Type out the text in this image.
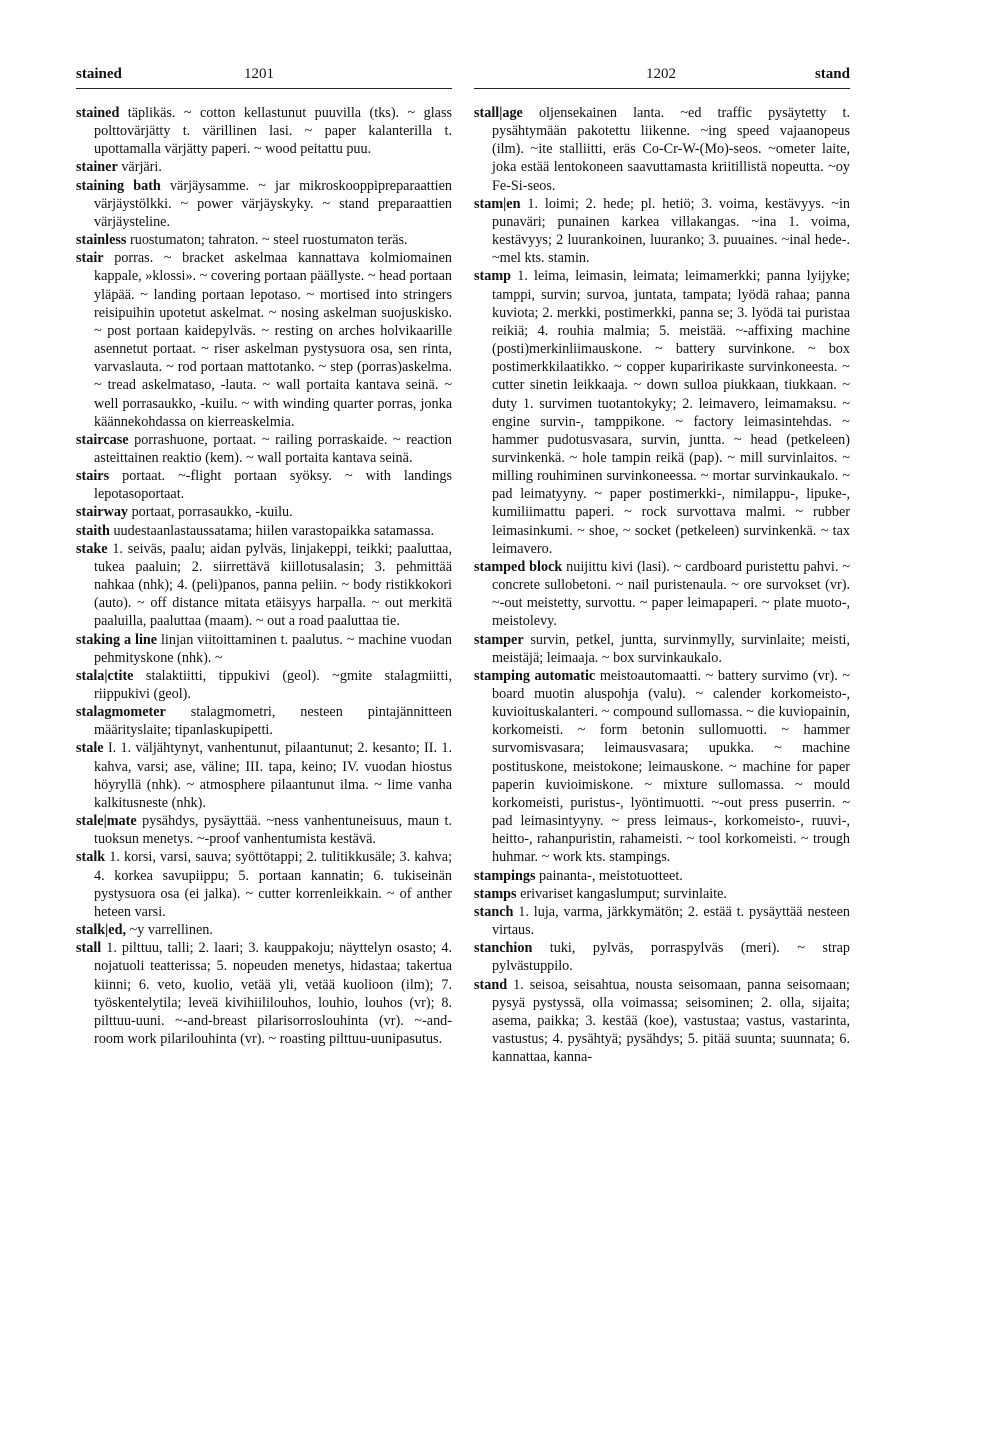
stained	1201	1202	stand

stained täplikäs. ~ cotton kellastunut puuvilla (tks). ~ glass polttovärjätty t. värillinen lasi. ~ paper kalanterilla t. upottamalla värjätty paperi. ~ wood peitattu puu.

stainer värjäri.

staining bath värjäysamme. ~ jar mikroskooppipreparaattien värjäystölkki. ~ power värjäyskyky. ~ stand preparaattien värjäysteline.

stainless ruostumaton; tahraton. ~ steel ruostumaton teräs.

stair porras. ~ bracket askelmaa kannattava kolmiomainen kappale, »klossi». ~ covering portaan päällyste. ~ head portaan yläpää. ~ landing portaan lepotaso. ~ mortised into stringers reisipuihin upotetut askelmat. ~ nosing askelman suojuskisko. ~ post portaan kaidepylväs. ~ resting on arches holvikaarille asennetut portaat. ~ riser askelman pystysuora osa, sen rinta, varvaslauta. ~ rod portaan mattotanko. ~ step (porras)askelma. ~ tread askelmataso, -lauta. ~ wall portaita kantava seinä. ~ well porrasaukko, -kuilu. ~ with winding quarter porras, jonka käännekohdassa on kierreaskelmia.

staircase porrashuone, portaat. ~ railing porraskaide. ~ reaction asteittainen reaktio (kem). ~ wall portaita kantava seinä.

stairs portaat. ~-flight portaan syöksy. ~ with landings lepotasoportaat.

stairway portaat, porrasaukko, -kuilu.

staith uudestaanlastaussatama; hiilen varastopaikka satamassa.

stake 1. seiväs, paalu; aidan pylväs, linjakeppi, teikki; paaluttaa, tukea paaluin; 2. siirrettävä kiillotusalasin; 3. pehmittää nahkaa (nhk); 4. (peli)panos, panna peliin. ~ body ristikkokori (auto). ~ off distance mitata etäisyys harpalla. ~ out merkitä paaluilla, paaluttaa (maam). ~ out a road paaluttaa tie.

staking a line linjan viitoittaminen t. paalutus. ~ machine vuodan pehmityskone (nhk). ~

stala|ctite stalaktiitti, tippukivi (geol). ~gmite stalagmiitti, riippukivi (geol).

stalagmometer stalagmometri, nesteen pintajännitteen määrityslaite; tipanlaskupipetti.

stale I. 1. väljähtynyt, vanhentunut, pilaantunut; 2. kesanto; II. 1. kahva, varsi; ase, väline; III. tapa, keino; IV. vuodan hiostus höyryllä (nhk). ~ atmosphere pilaantunut ilma. ~ lime vanha kalkitusneste (nhk).

stale|mate pysähdys, pysäyttää. ~ness vanhentuneisuus, maun t. tuoksun menetys. ~-proof vanhentumista kestävä.

stalk 1. korsi, varsi, sauva; syöttötappi; 2. tulitikkusäle; 3. kahva; 4. korkea savupiippu; 5. portaan kannatin; 6. tukiseinän pystysuora osa (ei jalka). ~ cutter korrenleikkain. ~ of anther heteen varsi.

stalk|ed, ~y varrellinen.

stall 1. pilttuu, talli; 2. laari; 3. kauppakoju; näyttelyn osasto; 4. nojatuoli teatterissa; 5. nopeuden menetys, hidastaa; takertua kiinni; 6. veto, kuolio, vetää yli, vetää kuolioon (ilm); 7. työskentelytila; leveä kivihiililouhos, louhio, louhos (vr); 8. pilttuu-uuni. ~-and-breast pilarisorroslouhinta (vr). ~-and-room work pilarilouhinta (vr). ~ roasting pilttuu-uunipasutus.

stall|age oljensekainen lanta. ~ed traffic pysäytetty t. pysähtymään pakotettu liikenne. ~ing speed vajaanopeus (ilm). ~ite stalliitti, eräs Co-Cr-W-(Mo)-seos. ~ometer laite, joka estää lentokoneen saavuttamasta kriitillistä nopeutta. ~oy Fe-Si-seos.

stam|en 1. loimi; 2. hede; pl. hetiö; 3. voima, kestävyys. ~in punaväri; punainen karkea villakangas. ~ina 1. voima, kestävyys; 2 luurankoinen, luuranko; 3. puuaines. ~inal hede-. ~mel kts. stamin.

stamp 1. leima, leimasin, leimata; leimamerkki; panna lyijyke; tamppi, survin; survoa, juntata, tampata; lyödä rahaa; panna kuviota; 2. merkki, postimerkki, panna se; 3. lyödä tai puristaa reikiä; 4. rouhia malmia; 5. meistää. ~-affixing machine (posti)merkinliimauskone. ~ battery survinkone. ~ box postimerkkilaatikko. ~ copper kuparirikaste survinkoneesta. ~ cutter sinetin leikkaaja. ~ down sulloa piukkaan, tiukkaan. ~ duty 1. survimen tuotantokyky; 2. leimavero, leimamaksu. ~ engine survin-, tamppikone. ~ factory leimasintehdas. ~ hammer pudotusvasara, survin, juntta. ~ head (petkeleen) survinkenkä. ~ hole tampin reikä (pap). ~ mill survinlaitos. ~ milling rouhiminen survinkoneessa. ~ mortar survinkaukalo. ~ pad leimatyyny. ~ paper postimerkki-, nimilappu-, lipuke-, kumiliimattu paperi. ~ rock survottava malmi. ~ rubber leimasinkumi. ~ shoe, ~ socket (petkeleen) survinkenkä. ~ tax leimavero.

stamped block nuijittu kivi (lasi). ~ cardboard puristettu pahvi. ~ concrete sullobetoni. ~ nail puristenaula. ~ ore survokset (vr). ~-out meistetty, survottu. ~ paper leimapaperi. ~ plate muoto-, meistolevy.

stamper survin, petkel, juntta, survinmylly, survinlaite; meisti, meistäjä; leimaaja. ~ box survinkaukalo.

stamping automatic meistoautomaatti. ~ battery survimo (vr). ~ board muotin aluspohja (valu). ~ calender korkomeisto-, kuvioituskalanteri. ~ compound sullomassa. ~ die kuviopainin, korkomeisti. ~ form betonin sullomuotti. ~ hammer survomisvasara; leimausvasara; upukka. ~ machine postituskone, meistokone; leimauskone. ~ machine for paper paperin kuvioimiskone. ~ mixture sullomassa. ~ mould korkomeisti, puristus-, lyöntimuotti. ~-out press puserrin. ~ pad leimasintyyny. ~ press leimaus-, korkomeisto-, ruuvi-, heitto-, rahanpuristin, rahameisti. ~ tool korkomeisti. ~ trough huhmar. ~ work kts. stampings.

stampings painanta-, meistotuotteet.

stamps erivariset kangaslumput; survinlaite.

stanch 1. luja, varma, järkkymätön; 2. estää t. pysäyttää nesteen virtaus.

stanchion tuki, pylväs, porraspylväs (meri). ~ strap pylvästuppilo.

stand 1. seisoa, seisahtua, nousta seisomaan, panna seisomaan; pysyä pystyssä, olla voimassa; seisominen; 2. olla, sijaita; asema, paikka; 3. kestää (koe), vastustaa; vastus, vastarinta, vastustus; 4. pysähtyä; pysähdys; 5. pitää suunta; suunnata; 6. kannattaa, kanna-
